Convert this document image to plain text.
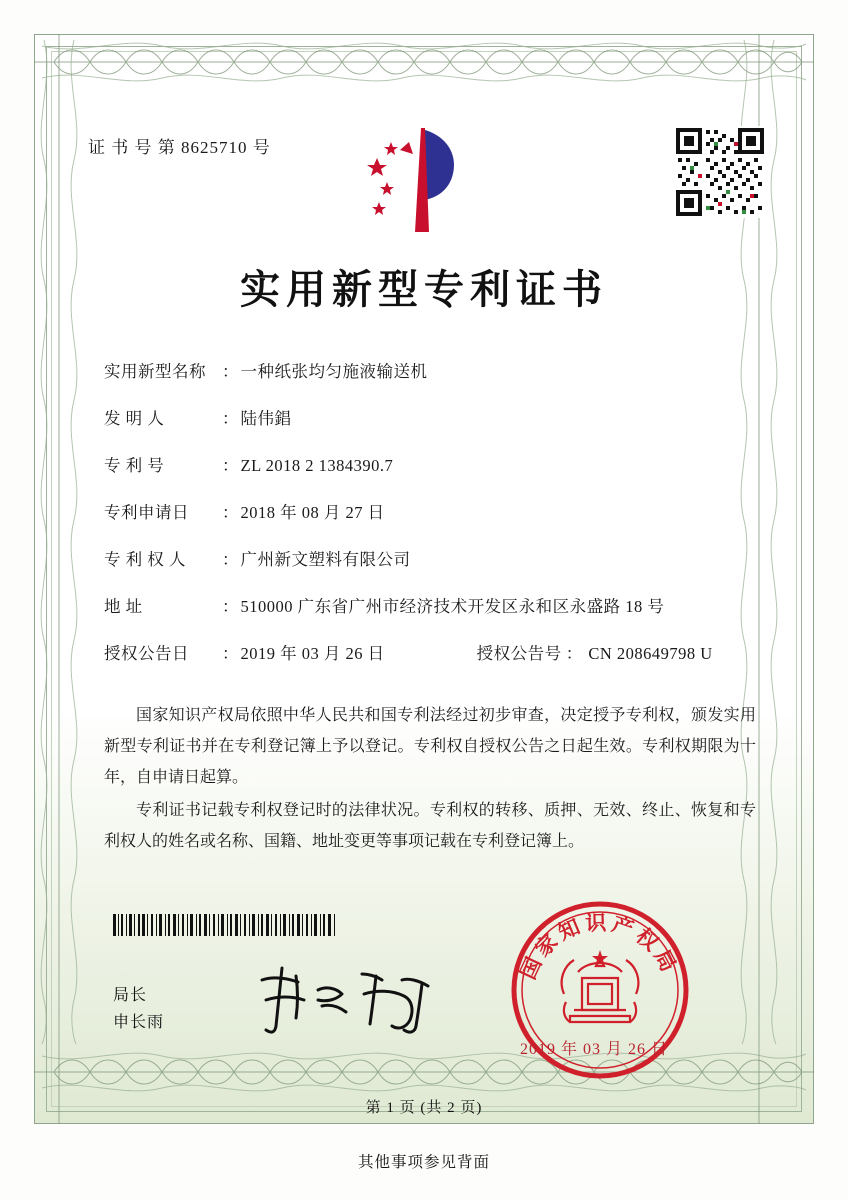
证 书 号 第 8625710 号
实用新型专利证书
实用新型名称 ： 一种纸张均匀施液输送机
发 明 人	： 陆伟錩
专 利 号	： ZL 2018 2 1384390.7
专利申请日	： 2018 年 08 月 27 日
专 利 权 人	： 广州新文塑料有限公司
地 址	： 510000 广东省广州市经济技术开发区永和区永盛路 18 号
授权公告日	： 2019 年 03 月 26 日	授权公告号 ： CN 208649798 U

国家知识产权局依照中华人民共和国专利法经过初步审查，决定授予专利权，颁发实用新型专利证书并在专利登记簿上予以登记。专利权自授权公告之日起生效。专利权期限为十年，自申请日起算。

专利证书记载专利权登记时的法律状况。专利权的转移、质押、无效、终止、恢复和专利权人的姓名或名称、国籍、地址变更等事项记载在专利登记簿上。

局长
申长雨
国家知识产权局
2019 年 03 月 26 日
第 1 页 (共 2 页)
其他事项参见背面
